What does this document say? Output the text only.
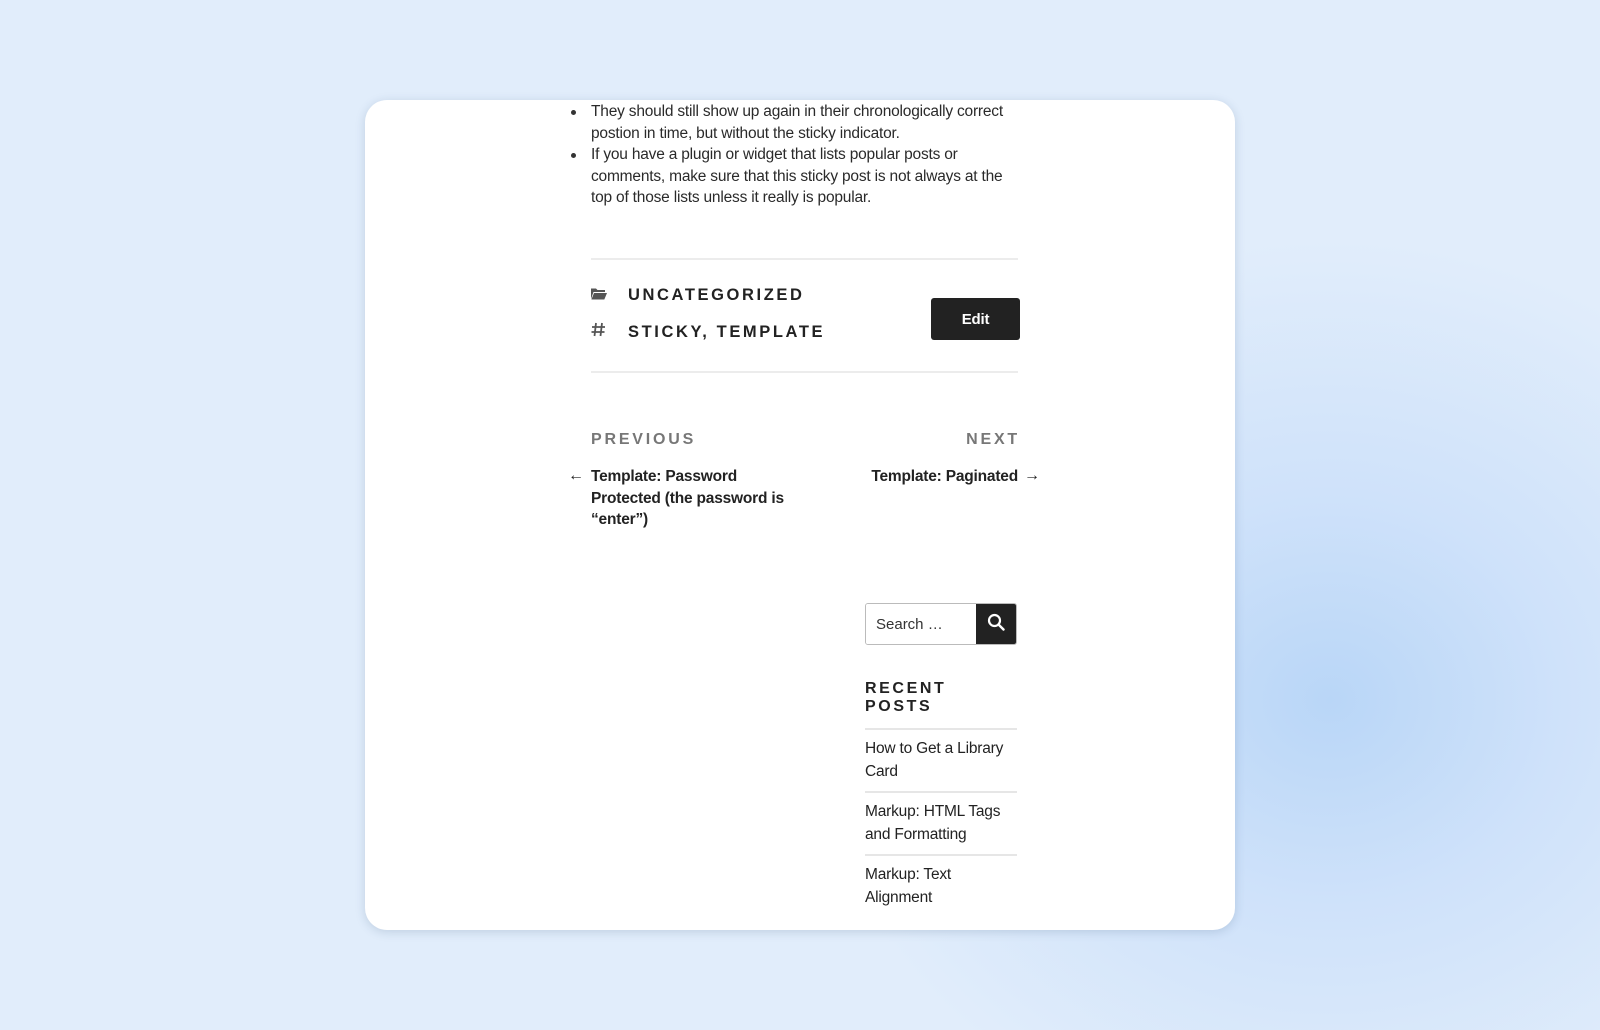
They should still show up again in their chronologically correct postion in time, but without the sticky indicator.
If you have a plugin or widget that lists popular posts or comments, make sure that this sticky post is not always at the top of those lists unless it really is popular.
UNCATEGORIZED
STICKY, TEMPLATE
Edit
PREVIOUS
← Template: Password Protected (the password is “enter”)
NEXT
Template: Paginated →
Search …
RECENT POSTS
How to Get a Library Card
Markup: HTML Tags and Formatting
Markup: Text Alignment
